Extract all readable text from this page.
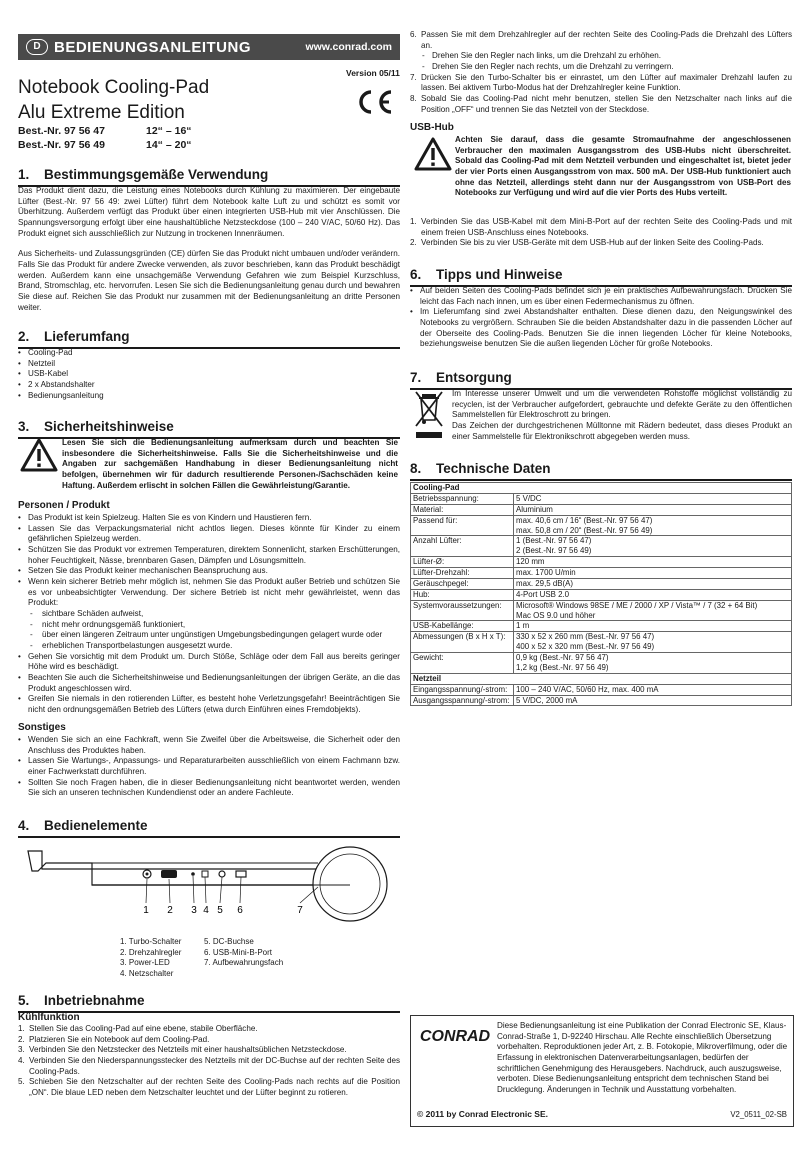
D BEDIENUNGSANLEITUNG	www.conrad.com
Notebook Cooling-Pad
Alu Extreme Edition
Version 05/11
Best.-Nr. 97 56 47	12“ – 16“
Best.-Nr. 97 56 49	14“ – 20“
1. Bestimmungsgemäße Verwendung

Das Produkt dient dazu, die Leistung eines Notebooks durch Kühlung zu maximieren. Der eingebaute Lüfter (Best.-Nr. 97 56 49: zwei Lüfter) führt dem Notebook kalte Luft zu und schützt es somit vor Überhitzung. Außerdem verfügt das Produkt über einen integrierten USB-Hub mit vier Anschlüssen. Die Spannungsversorgung erfolgt über eine haushaltübliche Netzsteckdose (100 – 240 V/AC, 50/60 Hz). Das Produkt eignet sich ausschließlich zur Nutzung in trockenen Innenräumen.

Aus Sicherheits- und Zulassungsgründen (CE) dürfen Sie das Produkt nicht umbauen und/oder verändern. Falls Sie das Produkt für andere Zwecke verwenden, als zuvor beschrieben, kann das Produkt beschädigt werden. Außerdem kann eine unsachgemäße Verwendung Gefahren wie zum Beispiel Kurzschluss, Brand, Stromschlag, etc. hervorrufen. Lesen Sie sich die Bedienungsanleitung genau durch und bewahren Sie diese auf. Reichen Sie das Produkt nur zusammen mit der Bedienungsanleitung an dritte Personen weiter.

2. Lieferumfang
• Cooling-Pad
• Netzteil
• USB-Kabel
• 2 x Abstandshalter
• Bedienungsanleitung
3. Sicherheitshinweise
Lesen Sie sich die Bedienungsanleitung aufmerksam durch und beachten Sie insbesondere die Sicherheitshinweise. Falls Sie die Sicherheitshinweise und die Angaben zur sachgemäßen Handhabung in dieser Bedienungsanleitung nicht befolgen, übernehmen wir für dadurch resultierende Personen-/Sachschäden keine Haftung. Außerdem erlischt in solchen Fällen die Gewährleistung/Garantie.
Personen / Produkt
• Das Produkt ist kein Spielzeug. Halten Sie es von Kindern und Haustieren fern.
• Lassen Sie das Verpackungsmaterial nicht achtlos liegen. Dieses könnte für Kinder zu einem gefährlichen Spielzeug werden.
• Schützen Sie das Produkt vor extremen Temperaturen, direktem Sonnenlicht, starken Erschütterungen, hoher Feuchtigkeit, Nässe, brennbaren Gasen, Dämpfen und Lösungsmitteln.
• Setzen Sie das Produkt keiner mechanischen Beanspruchung aus.
• Wenn kein sicherer Betrieb mehr möglich ist, nehmen Sie das Produkt außer Betrieb und schützen Sie es vor unbeabsichtigter Verwendung. Der sichere Betrieb ist nicht mehr gewährleistet, wenn das Produkt:
- sichtbare Schäden aufweist,
- nicht mehr ordnungsgemäß funktioniert,
- über einen längeren Zeitraum unter ungünstigen Umgebungsbedingungen gelagert wurde oder
- erheblichen Transportbelastungen ausgesetzt wurde.
• Gehen Sie vorsichtig mit dem Produkt um. Durch Stöße, Schläge oder dem Fall aus bereits geringer Höhe wird es beschädigt.
• Beachten Sie auch die Sicherheitshinweise und Bedienungsanleitungen der übrigen Geräte, an die das Produkt angeschlossen wird.
• Greifen Sie niemals in den rotierenden Lüfter, es besteht hohe Verletzungsgefahr! Beeinträchtigen Sie nicht den ordnungsgemäßen Betrieb des Lüfters (etwa durch Einführen eines Fremdobjekts).
Sonstiges
• Wenden Sie sich an eine Fachkraft, wenn Sie Zweifel über die Arbeitsweise, die Sicherheit oder den Anschluss des Produktes haben.
• Lassen Sie Wartungs-, Anpassungs- und Reparaturarbeiten ausschließlich von einem Fachmann bzw. einer Fachwerkstatt durchführen.
• Sollten Sie noch Fragen haben, die in dieser Bedienungsanleitung nicht beantwortet werden, wenden Sie sich an unseren technischen Kundendienst oder an andere Fachleute.
4. Bedienelemente
1 2 3 4 5 6	7
1. Turbo-Schalter
2. Drehzahlregler
3. Power-LED
4. Netzschalter
5. DC-Buchse
6. USB-Mini-B-Port
7. Aufbewahrungsfach
5. Inbetriebnahme
Kühlfunktion
1. Stellen Sie das Cooling-Pad auf eine ebene, stabile Oberfläche.
2. Platzieren Sie ein Notebook auf dem Cooling-Pad.
3. Verbinden Sie den Netzstecker des Netzteils mit einer haushaltsüblichen Netzsteckdose.
4. Verbinden Sie den Niederspannungsstecker des Netzteils mit der DC-Buchse auf der rechten Seite des Cooling-Pads.
5. Schieben Sie den Netzschalter auf der rechten Seite des Cooling-Pads nach rechts auf die Position „ON“. Die blaue LED neben dem Netzschalter leuchtet und der Lüfter beginnt zu rotieren.
6. Passen Sie mit dem Drehzahlregler auf der rechten Seite des Cooling-Pads die Drehzahl des Lüfters an.
- Drehen Sie den Regler nach links, um die Drehzahl zu erhöhen.
- Drehen Sie den Regler nach rechts, um die Drehzahl zu verringern.
7. Drücken Sie den Turbo-Schalter bis er einrastet, um den Lüfter auf maximaler Drehzahl laufen zu lassen. Bei aktivem Turbo-Modus hat der Drehzahlregler keine Funktion.
8. Sobald Sie das Cooling-Pad nicht mehr benutzen, stellen Sie den Netzschalter nach links auf die Position „OFF“ und trennen Sie das Netzteil von der Steckdose.
USB-Hub
Achten Sie darauf, dass die gesamte Stromaufnahme der angeschlossenen Verbraucher den maximalen Ausgangsstrom des USB-Hubs nicht überschreitet. Sobald das Cooling-Pad mit dem Netzteil verbunden und eingeschaltet ist, bietet jeder der vier Ports einen Ausgangsstrom von max. 500 mA. Der USB-Hub funktioniert auch ohne das Netzteil, allerdings steht dann nur der Ausgangsstrom von USB-Port des Notebooks zur Verfügung und wird auf die vier Ports des Hubs verteilt.
1. Verbinden Sie das USB-Kabel mit dem Mini-B-Port auf der rechten Seite des Cooling-Pads und mit einem freien USB-Anschluss eines Notebooks.
2. Verbinden Sie bis zu vier USB-Geräte mit dem USB-Hub auf der linken Seite des Cooling-Pads.
6. Tipps und Hinweise
• Auf beiden Seiten des Cooling-Pads befindet sich je ein praktisches Aufbewahrungsfach. Drücken Sie leicht das Fach nach innen, um es über einen Federmechanismus zu öffnen.
• Im Lieferumfang sind zwei Abstandshalter enthalten. Diese dienen dazu, den Neigungswinkel des Notebooks zu vergrößern. Schrauben Sie die beiden Abstandshalter dazu in die passenden Löcher auf der Oberseite des Cooling-Pads. Benutzen Sie die innen liegenden Löcher für kleine Notebooks, beziehungsweise benutzen Sie die außen liegenden Löcher für große Notebooks.
7. Entsorgung

Im Interesse unserer Umwelt und um die verwendeten Rohstoffe möglichst vollständig zu recyclen, ist der Verbraucher aufgefordert, gebrauchte und defekte Geräte zu den öffentlichen Sammelstellen für Elektroschrott zu bringen.

Das Zeichen der durchgestrichenen Mülltonne mit Rädern bedeutet, dass dieses Produkt an einer Sammelstelle für Elektronikschrott abgegeben werden muss.

8. Technische Daten
Cooling-Pad	
Betriebsspannung:	5 V/DC

Material:	Aluminium

Passend für:	max. 40,6 cm / 16“ (Best.-Nr. 97 56 47)
max. 50,8 cm / 20“ (Best.-Nr. 97 56 49)

Anzahl Lüfter:	1 (Best.-Nr. 97 56 47)
2 (Best.-Nr. 97 56 49)

Lüfter-Ø:	120 mm

Lüfter-Drehzahl:	max. 1700 U/min

Geräuschpegel:	max. 29,5 dB(A)

Hub:	4-Port USB 2.0

Systemvoraussetzungen:	Microsoft® Windows 98SE / ME / 2000 / XP / Vista™ / 7 (32 + 64 Bit)
Mac OS 9.0 und höher

USB-Kabellänge:	1 m

Abmessungen (B x H x T):	330 x 52 x 260 mm (Best.-Nr. 97 56 47)
400 x 52 x 320 mm (Best.-Nr. 97 56 49)

Gewicht:	0,9 kg (Best.-Nr. 97 56 47)
1,2 kg (Best.-Nr. 97 56 49)

Netzteil	
Eingangsspannung/-strom:	100 – 240 V/AC, 50/60 Hz, max. 400 mA

Ausgangsspannung/-strom:	5 V/DC, 2000 mA
CONRAD
Diese Bedienungsanleitung ist eine Publikation der Conrad Electronic SE, Klaus-Conrad-Straße 1, D-92240 Hirschau. Alle Rechte einschließlich Übersetzung vorbehalten. Reproduktionen jeder Art, z. B. Fotokopie, Mikroverfilmung, oder die Erfassung in elektronischen Datenverarbeitungsanlagen, bedürfen der schriftlichen Genehmigung des Herausgebers. Nachdruck, auch auszugsweise, verboten. Diese Bedienungsanleitung entspricht dem technischen Stand bei Drucklegung. Änderungen in Technik und Ausstattung vorbehalten.
© 2011 by Conrad Electronic SE.	V2_0511_02-SB
